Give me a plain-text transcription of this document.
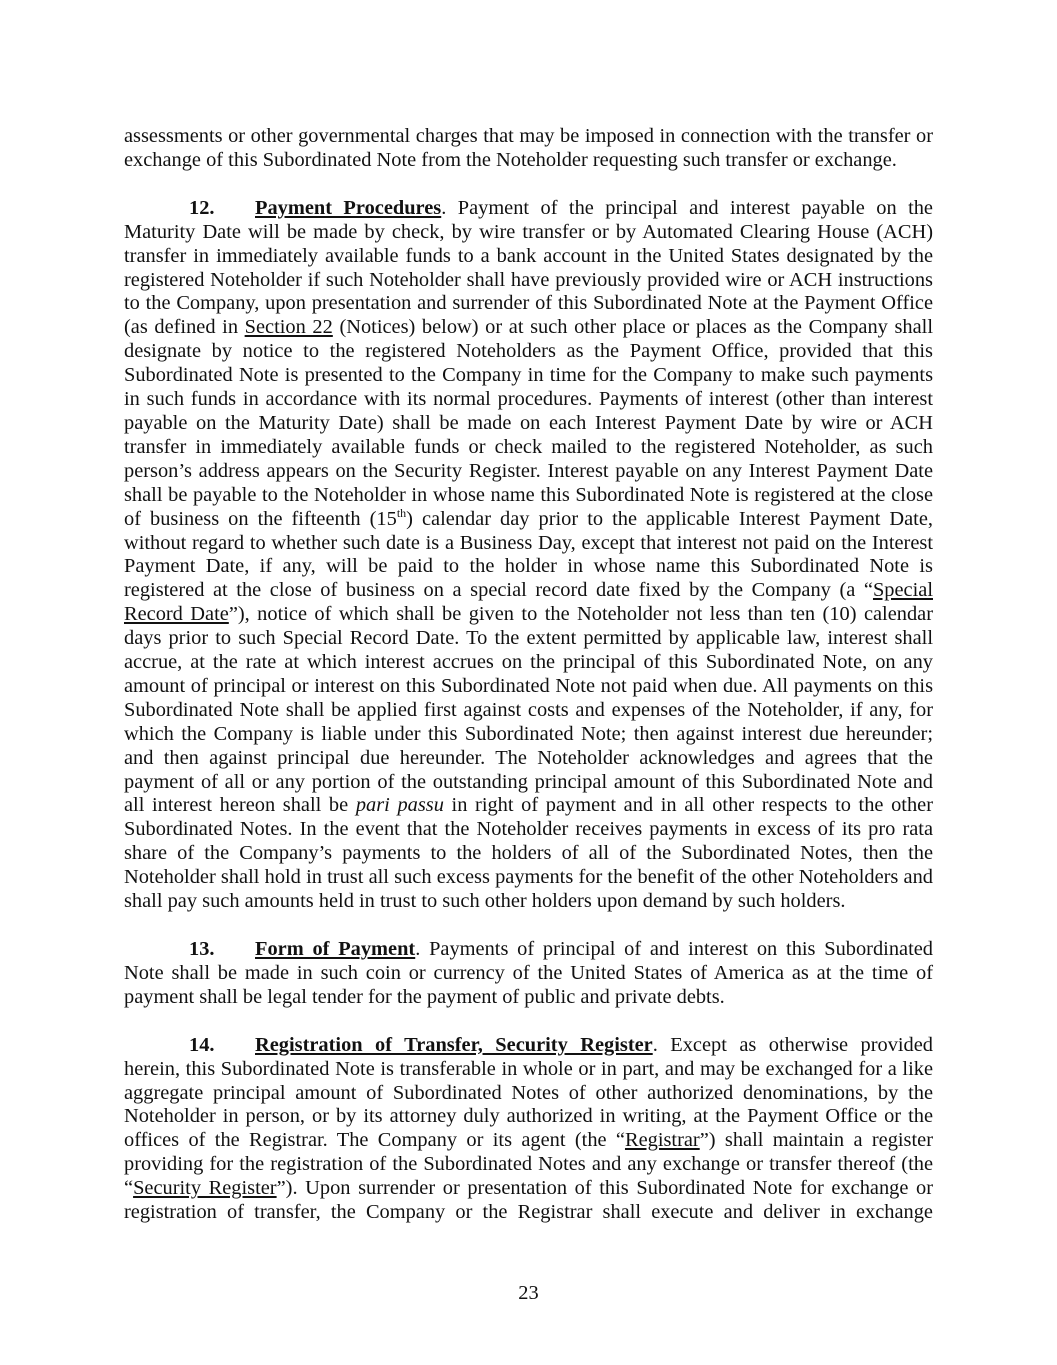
assessments or other governmental charges that may be imposed in connection with the transfer or exchange of this Subordinated Note from the Noteholder requesting such transfer or exchange.

12. Payment Procedures. Payment of the principal and interest payable on the Maturity Date will be made by check, by wire transfer or by Automated Clearing House (ACH) transfer in immediately available funds to a bank account in the United States designated by the registered Noteholder if such Noteholder shall have previously provided wire or ACH instructions to the Company, upon presentation and surrender of this Subordinated Note at the Payment Office (as defined in Section 22 (Notices) below) or at such other place or places as the Company shall designate by notice to the registered Noteholders as the Payment Office, provided that this Subordinated Note is presented to the Company in time for the Company to make such payments in such funds in accordance with its normal procedures. Payments of interest (other than interest payable on the Maturity Date) shall be made on each Interest Payment Date by wire or ACH transfer in immediately available funds or check mailed to the registered Noteholder, as such person’s address appears on the Security Register. Interest payable on any Interest Payment Date shall be payable to the Noteholder in whose name this Subordinated Note is registered at the close of business on the fifteenth (15th) calendar day prior to the applicable Interest Payment Date, without regard to whether such date is a Business Day, except that interest not paid on the Interest Payment Date, if any, will be paid to the holder in whose name this Subordinated Note is registered at the close of business on a special record date fixed by the Company (a “Special Record Date”), notice of which shall be given to the Noteholder not less than ten (10) calendar days prior to such Special Record Date. To the extent permitted by applicable law, interest shall accrue, at the rate at which interest accrues on the principal of this Subordinated Note, on any amount of principal or interest on this Subordinated Note not paid when due. All payments on this Subordinated Note shall be applied first against costs and expenses of the Noteholder, if any, for which the Company is liable under this Subordinated Note; then against interest due hereunder; and then against principal due hereunder. The Noteholder acknowledges and agrees that the payment of all or any portion of the outstanding principal amount of this Subordinated Note and all interest hereon shall be pari passu in right of payment and in all other respects to the other Subordinated Notes. In the event that the Noteholder receives payments in excess of its pro rata share of the Company’s payments to the holders of all of the Subordinated Notes, then the Noteholder shall hold in trust all such excess payments for the benefit of the other Noteholders and shall pay such amounts held in trust to such other holders upon demand by such holders.

13. Form of Payment. Payments of principal of and interest on this Subordinated Note shall be made in such coin or currency of the United States of America as at the time of payment shall be legal tender for the payment of public and private debts.

14. Registration of Transfer, Security Register. Except as otherwise provided herein, this Subordinated Note is transferable in whole or in part, and may be exchanged for a like aggregate principal amount of Subordinated Notes of other authorized denominations, by the Noteholder in person, or by its attorney duly authorized in writing, at the Payment Office or the offices of the Registrar. The Company or its agent (the “Registrar”) shall maintain a register providing for the registration of the Subordinated Notes and any exchange or transfer thereof (the “Security Register”). Upon surrender or presentation of this Subordinated Note for exchange or registration of transfer, the Company or the Registrar shall execute and deliver in exchange

23
